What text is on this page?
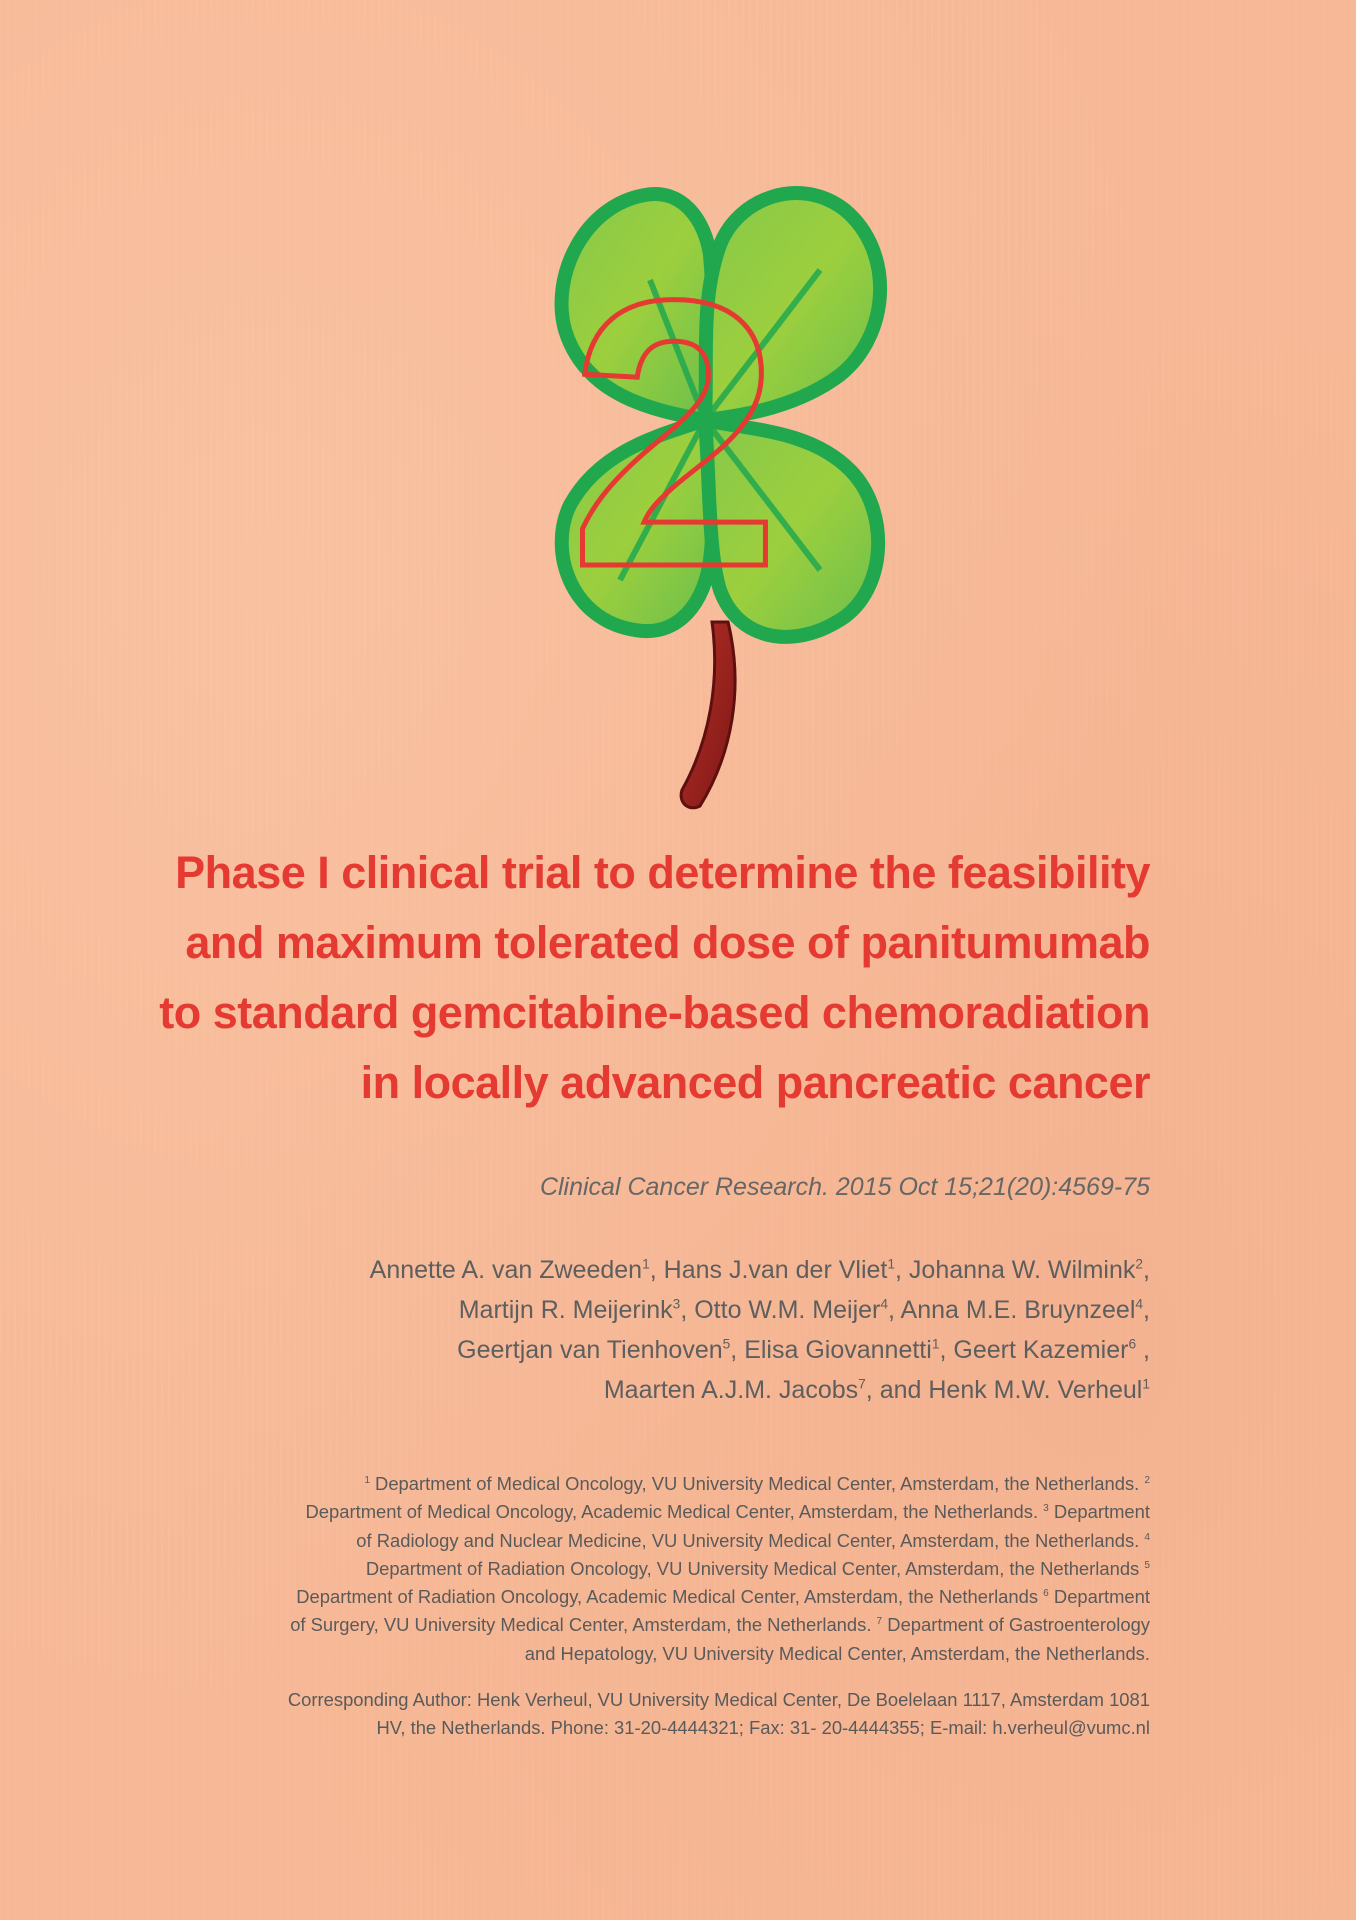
2
Phase I clinical trial to determine the feasibility
and maximum tolerated dose of panitumumab
to standard gemcitabine-based chemoradiation
in locally advanced pancreatic cancer
Clinical Cancer Research. 2015 Oct 15;21(20):4569-75
Annette A. van Zweeden$^1$, Hans J.van der Vliet$^1$, Johanna W. Wilmink$^2$,
Martijn R. Meijerink$^3$, Otto W.M. Meijer$^4$, Anna M.E. Bruynzeel$^4$,
Geertjan van Tienhoven$^5$, Elisa Giovannetti$^1$, Geert Kazemier$^6$ ,
Maarten A.J.M. Jacobs$^7$, and Henk M.W. Verheul$^1$
$^1$ Department of Medical Oncology, VU University Medical Center, Amsterdam, the Netherlands. $^2$
Department of Medical Oncology, Academic Medical Center, Amsterdam, the Netherlands. $^3$ Department
of Radiology and Nuclear Medicine, VU University Medical Center, Amsterdam, the Netherlands. $^4$
Department of Radiation Oncology, VU University Medical Center, Amsterdam, the Netherlands $^5$
Department of Radiation Oncology, Academic Medical Center, Amsterdam, the Netherlands $^6$ Department
of Surgery, VU University Medical Center, Amsterdam, the Netherlands. $^7$ Department of Gastroenterology
and Hepatology, VU University Medical Center, Amsterdam, the Netherlands.
Corresponding Author: Henk Verheul, VU University Medical Center, De Boelelaan 1117, Amsterdam 1081
HV, the Netherlands. Phone: 31-20-4444321; Fax: 31- 20-4444355; E-mail: h.verheul@vumc.nl
